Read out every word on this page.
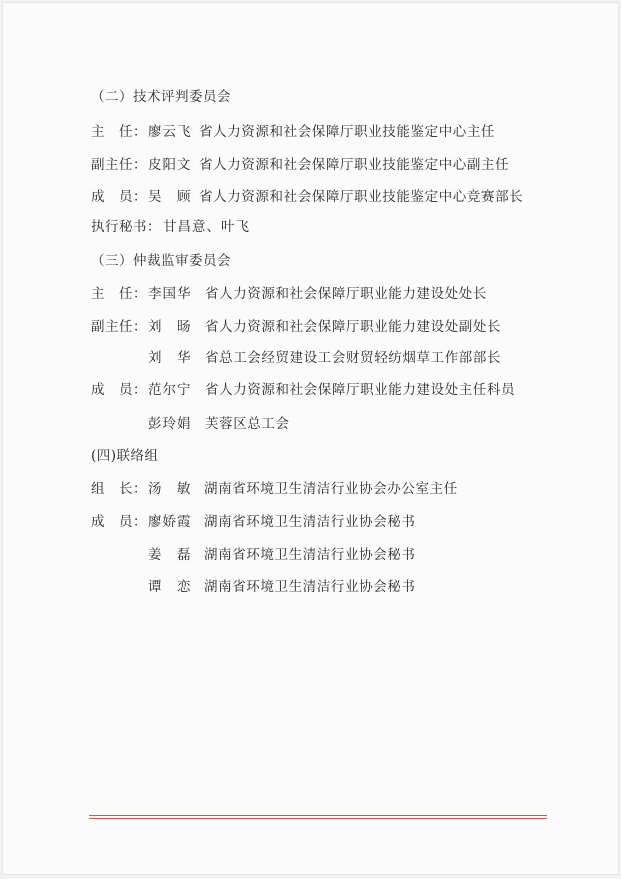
（二）技术评判委员会
主　任： 廖云飞 省人力资源和社会保障厅职业技能鉴定中心主任
副主任： 皮阳文 省人力资源和社会保障厅职业技能鉴定中心副主任
成　员： 吴　顾 省人力资源和社会保障厅职业技能鉴定中心竞赛部长
执行秘书： 甘昌意、叶飞
（三）仲裁监审委员会
主　任： 李国华 省人力资源和社会保障厅职业能力建设处处长
副主任： 刘　旸 省人力资源和社会保障厅职业能力建设处副处长
刘　华 省总工会经贸建设工会财贸轻纺烟草工作部部长
成　员： 范尔宁 省人力资源和社会保障厅职业能力建设处主任科员
彭玲娟 芙蓉区总工会
(四)联络组
组　长： 汤　敏 湖南省环境卫生清洁行业协会办公室主任
成　员： 廖娇霞 湖南省环境卫生清洁行业协会秘书
姜　磊 湖南省环境卫生清洁行业协会秘书
谭　恋 湖南省环境卫生清洁行业协会秘书
